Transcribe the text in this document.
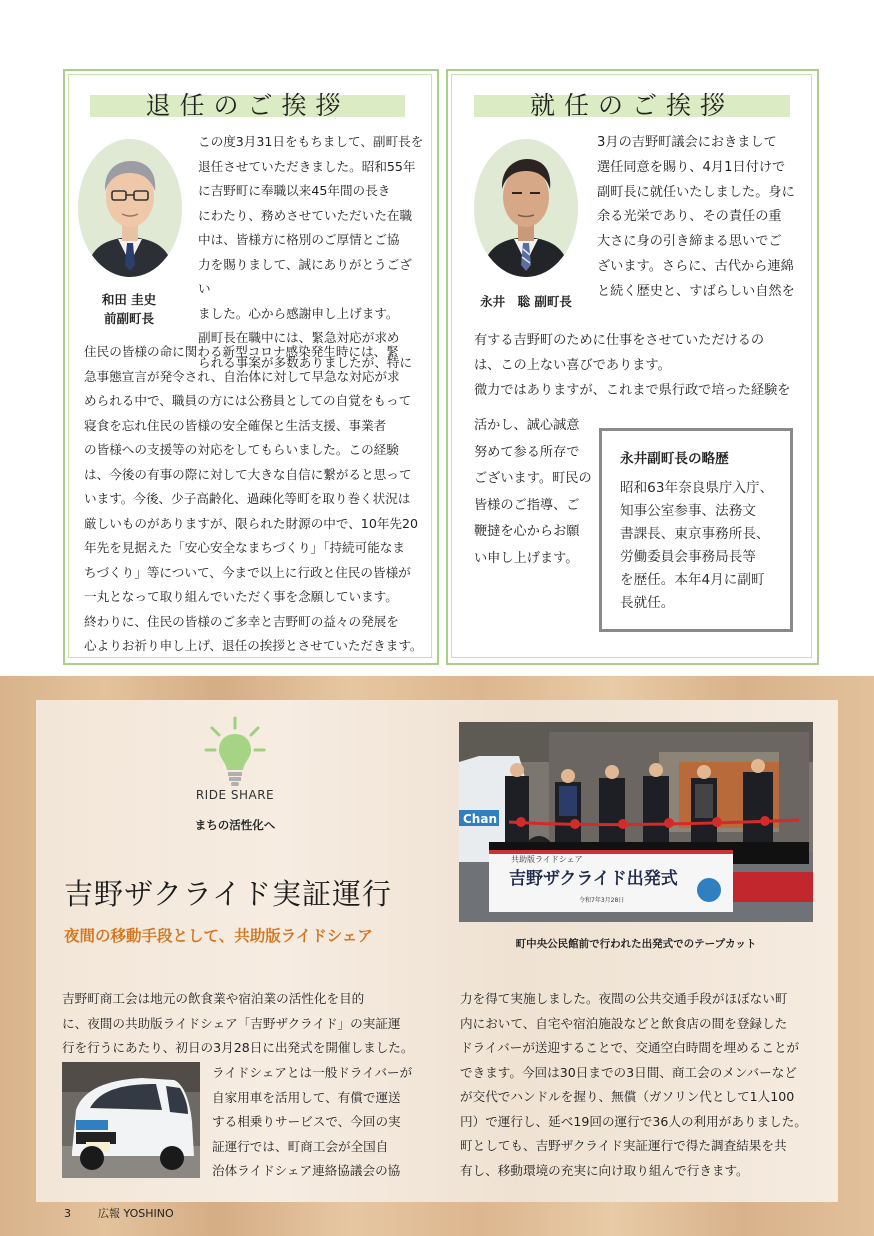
退任のご挨拶
和田 圭史
前副町長

この度3月31日をもちまして、副町長を

退任させていただきました。昭和55年

に吉野町に奉職以来45年間の長き

にわたり、務めさせていただいた在職

中は、皆様方に格別のご厚情とご協

力を賜りまして、誠にありがとうござい

ました。心から感謝申し上げます。

副町長在職中には、緊急対応が求め

られる事案が多数ありましたが、特に

住民の皆様の命に関わる新型コロナ感染発生時には、緊

急事態宣言が発令され、自治体に対して早急な対応が求

められる中で、職員の方には公務員としての自覚をもって

寝食を忘れ住民の皆様の安全確保と生活支援、事業者

の皆様への支援等の対応をしてもらいました。この経験

は、今後の有事の際に対して大きな自信に繋がると思って

います。今後、少子高齢化、過疎化等町を取り巻く状況は

厳しいものがありますが、限られた財源の中で、10年先20

年先を見据えた「安心安全なまちづくり」「持続可能なま

ちづくり」等について、今まで以上に行政と住民の皆様が

一丸となって取り組んでいただく事を念願しています。

終わりに、住民の皆様のご多幸と吉野町の益々の発展を

心よりお祈り申し上げ、退任の挨拶とさせていただきます。

就任のご挨拶
永井　聡 副町長

3月の吉野町議会におきまして

選任同意を賜り、4月1日付けで

副町長に就任いたしました。身に

余る光栄であり、その責任の重

大さに身の引き締まる思いでご

ざいます。さらに、古代から連綿

と続く歴史と、すばらしい自然を

有する吉野町のために仕事をさせていただけるの

は、この上ない喜びであります。

微力ではありますが、これまで県行政で培った経験を

活かし、誠心誠意

努めて参る所存で

ございます。町民の

皆様のご指導、ご

鞭撻を心からお願

い申し上げます。

永井副町長の略歴
昭和63年奈良県庁入庁、
知事公室参事、法務文
書課長、東京事務所長、
労働委員会事務局長等
を歴任。本年4月に副町
長就任。
RIDE SHARE
まちの活性化へ
吉野ザクライド実証運行
夜間の移動手段として、共助版ライドシェア
Chan
共助版ライドシェア
吉野ザクライド出発式
令和7年3月28日
町中央公民館前で行われた出発式でのテープカット
吉野町商工会は地元の飲食業や宿泊業の活性化を目的
に、夜間の共助版ライドシェア「吉野ザクライド」の実証運
行を行うにあたり、初日の3月28日に出発式を開催しました。
ライドシェアとは一般ドライバーが
自家用車を活用して、有償で運送
する相乗りサービスで、今回の実
証運行では、町商工会が全国自
治体ライドシェア連絡協議会の協
力を得て実施しました。夜間の公共交通手段がほぼない町
内において、自宅や宿泊施設などと飲食店の間を登録した
ドライバーが送迎することで、交通空白時間を埋めることが
できます。今回は30日までの3日間、商工会のメンバーなど
が交代でハンドルを握り、無償（ガソリン代として1人100
円）で運行し、延べ19回の運行で36人の利用がありました。
町としても、吉野ザクライド実証運行で得た調査結果を共
有し、移動環境の充実に向け取り組んで行きます。
3 広報 YOSHINO
